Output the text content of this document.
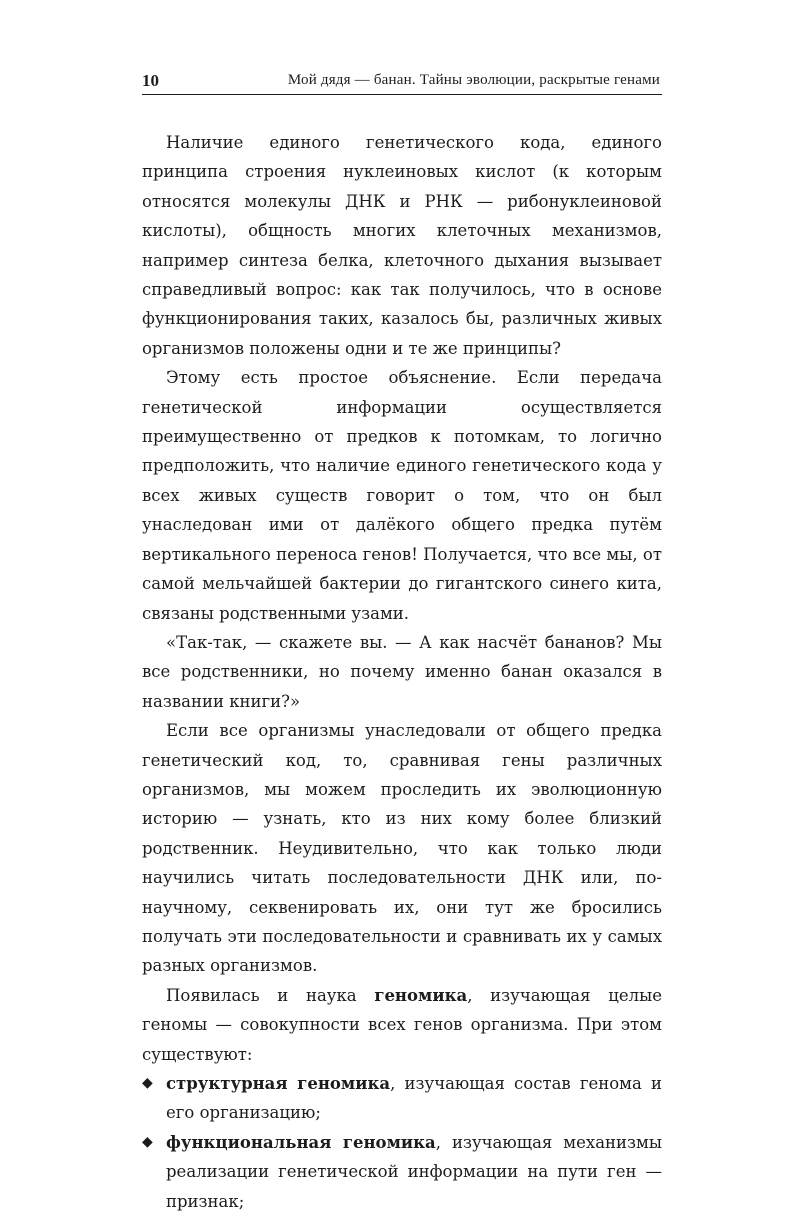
10	Мой дядя — банан. Тайны эволюции, раскрытые генами

Наличие единого генетического кода, единого принципа строения нуклеиновых кислот (к которым относятся молекулы ДНК и РНК — рибонуклеиновой кислоты), общность многих клеточных механизмов, например синтеза белка, клеточного дыхания вызывает справедливый вопрос: как так получилось, что в основе функционирования таких, казалось бы, различных живых организмов положены одни и те же принципы?

Этому есть простое объяснение. Если передача генетической информации осуществляется преимущественно от предков к потомкам, то логично предположить, что наличие единого генетического кода у всех живых существ говорит о том, что он был унаследован ими от далёкого общего предка путём вертикального переноса генов! Получается, что все мы, от самой мельчайшей бактерии до гигантского синего кита, связаны родственными узами.

«Так-так, — скажете вы. — А как насчёт бананов? Мы все родственники, но почему именно банан оказался в названии книги?»

Если все организмы унаследовали от общего предка генетический код, то, сравнивая гены различных организмов, мы можем проследить их эволюционную историю — узнать, кто из них кому более близкий родственник. Неудивительно, что как только люди научились читать последовательности ДНК или, по-научному, секвенировать их, они тут же бросились получать эти последовательности и сравнивать их у самых разных организмов.

Появилась и наука геномика, изучающая целые геномы — совокупности всех генов организма. При этом существуют:

◆ структурная геномика, изучающая состав генома и его организацию;
◆ функциональная геномика, изучающая механизмы реализации генетической информации на пути ген — признак;
